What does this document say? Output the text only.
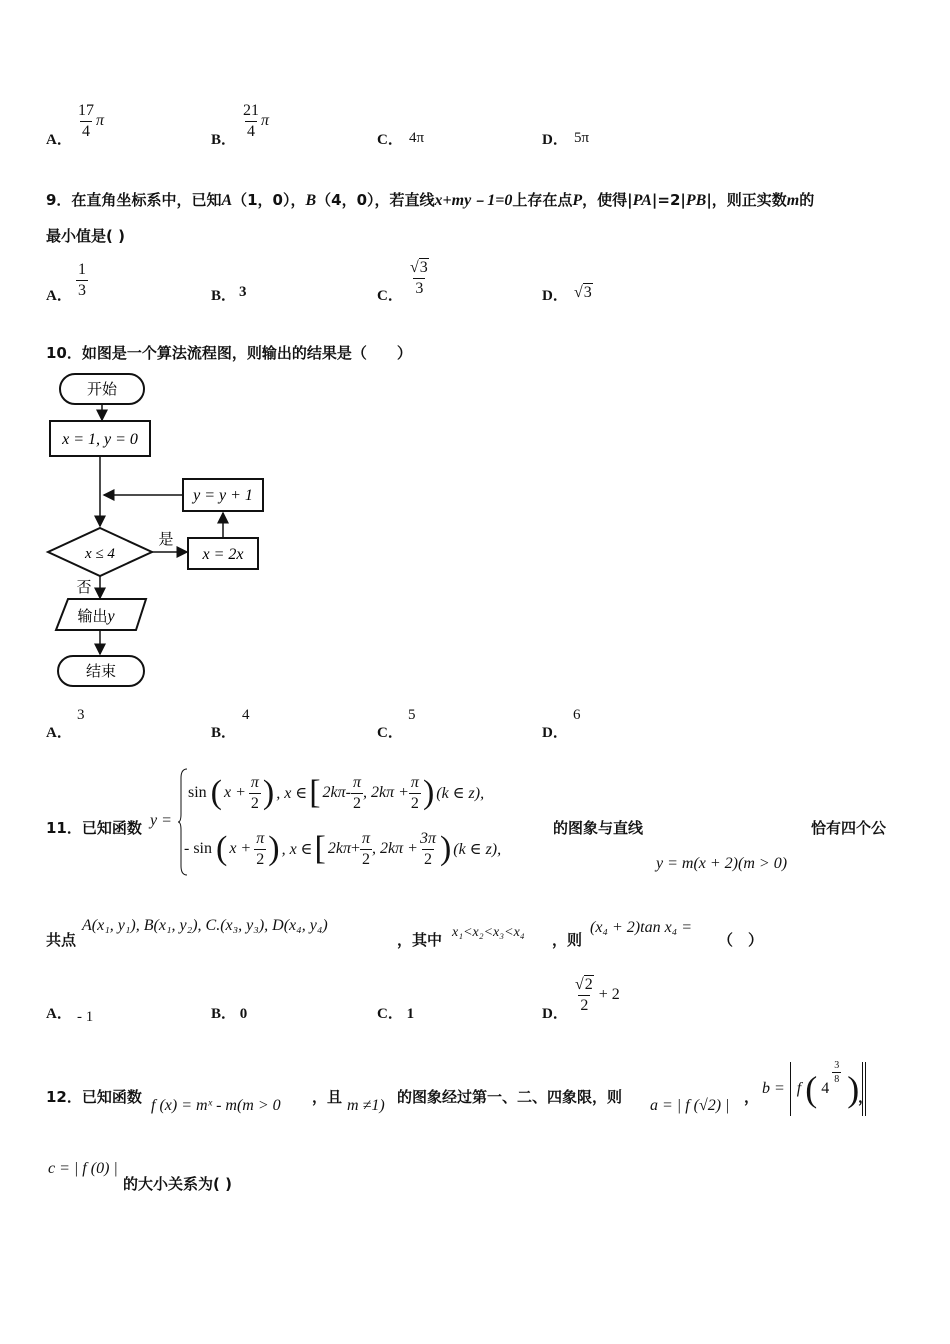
A． $\frac{17}{4}$ π
B． $\frac{21}{4}$ π
C． 4π	D． 5π
9．在直角坐标系中，已知A（1，0），B（4，0），若直线x+my﹣1=0上存在点P，使得|PA|=2|PB|，则正实数m的
最小值是( )
A． $\frac{1}{3}$	B． 3	C． $\frac{√3}{3}$	D． √3
10．如图是一个算法流程图，则输出的结果是（　　）
开始
x = 1, y = 0
y = y + 1
x ≤ 4
是
x = 2x
否
输出y
结束
A．
3
B．
4
C．
5
D．
6
11．已知函数 y =
sin ( $x + \frac{\pi}{2}$ ) , x ∈ [ $2k\pi - \frac{\pi}{2}$ , $2k\pi + \frac{\pi}{2}$ ) (k ∈ z),
- sin ( $x + \frac{\pi}{2}$ ) , x ∈ [ $2k\pi + \frac{\pi}{2}$ , $2k\pi + \frac{3\pi}{2}$ ) (k ∈ z),
的图象与直线	恰有四个公
y = m(x + 2)(m > 0)
共点
A(x₁, y₁), B(x₁, y₂), C.(x₃, y₃), D(x₄, y₄)
，其中 x₁<x₂<x₃<x₄ ，则
(x₄ + 2)tan x₄ =
（　）
A． - 1	B． 0	C． 1	D． $\frac{√2}{2} + 2$
12．已知函数 f (x) = mˣ - m(m > 0 ，且 m ≠1) 的图象经过第一、二、四象限，则 a = | f (√2) | ， b = f ( 4
$\frac{3}{8}$ )
，
c = | f (0) |
的大小关系为( )
